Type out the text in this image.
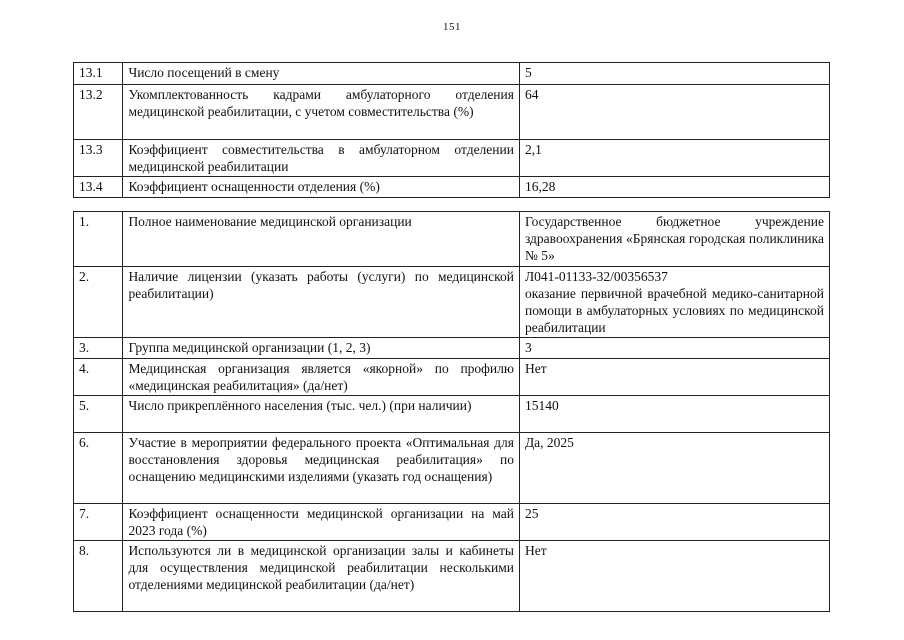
151
13.1	Число посещений в смену	5
13.2	Укомплектованность кадрами амбулаторного отделения медицинской реабилитации, с учетом совместительства (%)	64
13.3	Коэффициент совместительства в амбулаторном отделении медицинской реабилитации	2,1
13.4	Коэффициент оснащенности отделения (%)	16,28
1.	Полное наименование медицинской организации	Государственное бюджетное учреждение здравоохранения «Брянская городская поликлиника № 5»
2.	Наличие лицензии (указать работы (услуги) по медицинской реабилитации)	Л041-01133-32/00356537
оказание первичной врачебной медико-санитарной помощи в амбулаторных условиях по медицинской реабилитации

3.	Группа медицинской организации (1, 2, 3)	3
4.	Медицинская организация является «якорной» по профилю «медицинская реабилитация» (да/нет)	Нет
5.	Число прикреплённого населения (тыс. чел.) (при наличии)	15140
6.	Участие в мероприятии федерального проекта «Оптимальная для восстановления здоровья медицинская реабилитация» по оснащению медицинскими изделиями (указать год оснащения)	Да, 2025
7.	Коэффициент оснащенности медицинской организации на май 2023 года (%)	25
8.	Используются ли в медицинской организации залы и кабинеты для осуществления медицинской реабилитации несколькими отделениями медицинской реабилитации (да/нет)	Нет
